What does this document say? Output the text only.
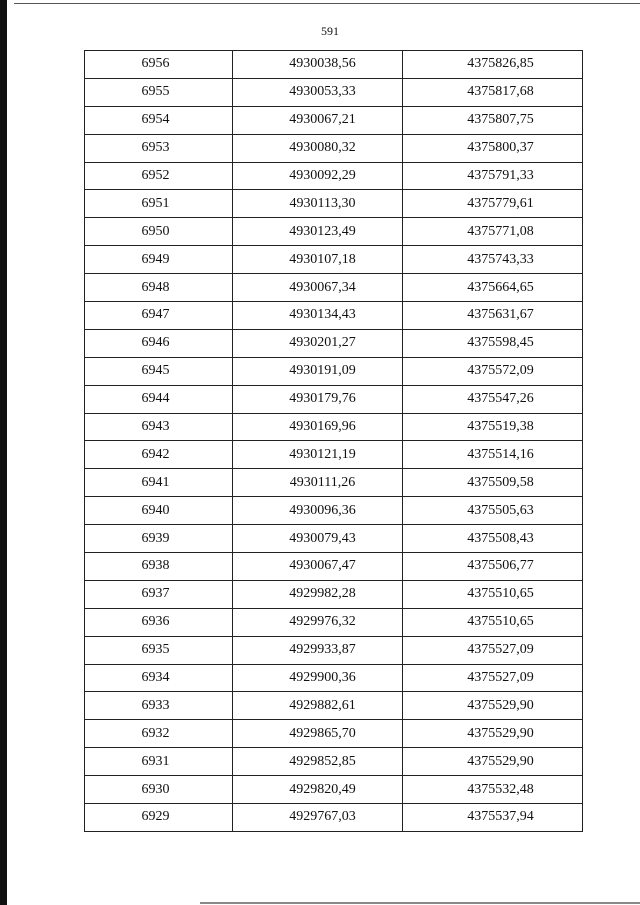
591
6956	4930038,56	4375826,85
6955	4930053,33	4375817,68
6954	4930067,21	4375807,75
6953	4930080,32	4375800,37
6952	4930092,29	4375791,33
6951	4930113,30	4375779,61
6950	4930123,49	4375771,08
6949	4930107,18	4375743,33
6948	4930067,34	4375664,65
6947	4930134,43	4375631,67
6946	4930201,27	4375598,45
6945	4930191,09	4375572,09
6944	4930179,76	4375547,26
6943	4930169,96	4375519,38
6942	4930121,19	4375514,16
6941	4930111,26	4375509,58
6940	4930096,36	4375505,63
6939	4930079,43	4375508,43
6938	4930067,47	4375506,77
6937	4929982,28	4375510,65
6936	4929976,32	4375510,65
6935	4929933,87	4375527,09
6934	4929900,36	4375527,09
6933	4929882,61	4375529,90
6932	4929865,70	4375529,90
6931	4929852,85	4375529,90
6930	4929820,49	4375532,48
6929	4929767,03	4375537,94
